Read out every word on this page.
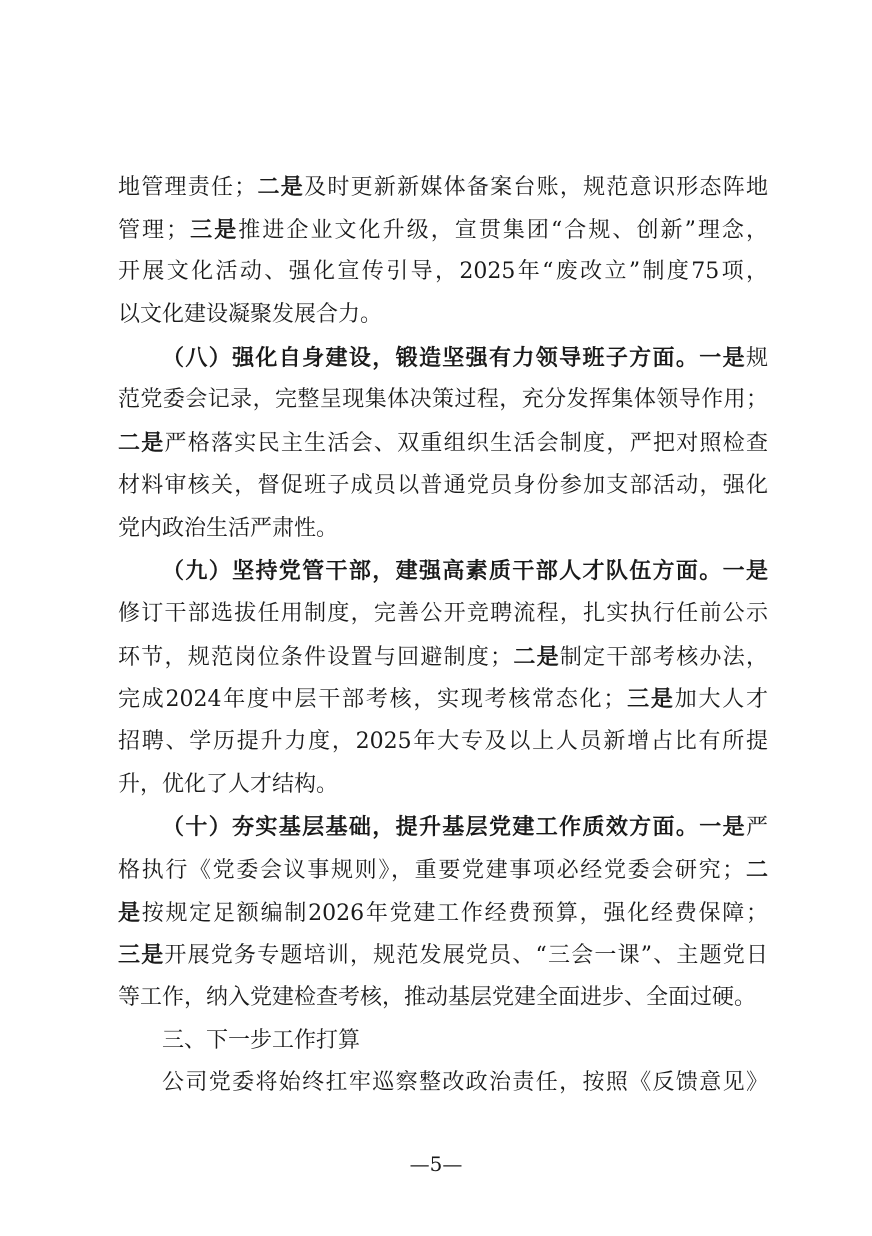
地管理责任；二是及时更新新媒体备案台账，规范意识形态阵地
管理；三是推进企业文化升级，宣贯集团“合规、创新”理念，
开展文化活动、强化宣传引导，2025年“废改立”制度75项，
以文化建设凝聚发展合力。
（八）强化自身建设，锻造坚强有力领导班子方面。一是规
范党委会记录，完整呈现集体决策过程，充分发挥集体领导作用；
二是严格落实民主生活会、双重组织生活会制度，严把对照检查
材料审核关，督促班子成员以普通党员身份参加支部活动，强化
党内政治生活严肃性。
（九）坚持党管干部，建强高素质干部人才队伍方面。一是
修订干部选拔任用制度，完善公开竞聘流程，扎实执行任前公示
环节，规范岗位条件设置与回避制度；二是制定干部考核办法，
完成2024年度中层干部考核，实现考核常态化；三是加大人才
招聘、学历提升力度，2025年大专及以上人员新增占比有所提
升，优化了人才结构。
（十）夯实基层基础，提升基层党建工作质效方面。一是严
格执行《党委会议事规则》，重要党建事项必经党委会研究；二
是按规定足额编制2026年党建工作经费预算，强化经费保障；
三是开展党务专题培训，规范发展党员、“三会一课”、主题党日
等工作，纳入党建检查考核，推动基层党建全面进步、全面过硬。
三、下一步工作打算
公司党委将始终扛牢巡察整改政治责任，按照《反馈意见》
—5—
